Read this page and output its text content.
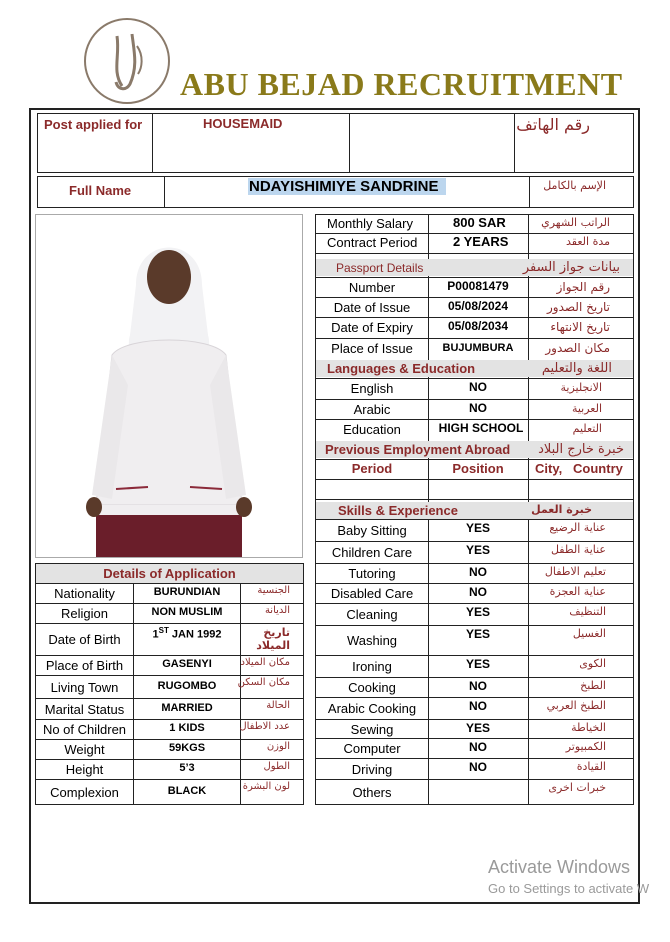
ABU BEJAD RECRUITMENT
Post applied for	HOUSEMAID	رقم الهاتف
Full Name	NDAYISHIMIYE SANDRINE	الإسم بالكامل
Monthly Salary	800 SAR	الراتب الشهري
Contract Period	2 YEARS	مدة العقد
Passport Details	بيانات جواز السفر
Number	P00081479	رقم الجواز
Date of Issue	05/08/2024	تاريخ الصدور
Date of Expiry	05/08/2034	تاريخ الانتهاء
Place of Issue	BUJUMBURA	مكان الصدور
Languages & Education	اللغة والتعليم
English	NO	الانجليزية
Arabic	NO	العربية
Education	HIGH SCHOOL	التعليم
Previous Employment Abroad	خبرة خارج البلاد
Period	Position	City,   Country
Skills & Experience	خبرة العمل
Baby Sitting	YES	عناية الرضيع
Children Care	YES	عناية الطفل
Tutoring	NO	تعليم الاطفال
Disabled Care	NO	عناية العجزة
Cleaning	YES	التنظيف
Washing	YES	الغسيل
Ironing	YES	الكوى
Cooking	NO	الطبخ
Arabic Cooking	NO	الطبخ العربي
Sewing	YES	الخياطة
Computer	NO	الكمبيوتر
Driving	NO	القيادة
Others	خبرات اخرى
Details of Application
Nationality	BURUNDIAN	الجنسية
Religion	NON MUSLIM	الديانة
Date of Birth	1ST JAN 1992	تاريخ الميلاد
Place of Birth	GASENYI	مكان الميلاد
Living Town	RUGOMBO	مكان السكن
Marital Status	MARRIED	الحالة
No of Children	1 KIDS	عدد الاطفال
Weight	59KGS	الوزن
Height	5’3	الطول
Complexion	BLACK	لون البشرة
Activate Windows
Go to Settings to activate W
